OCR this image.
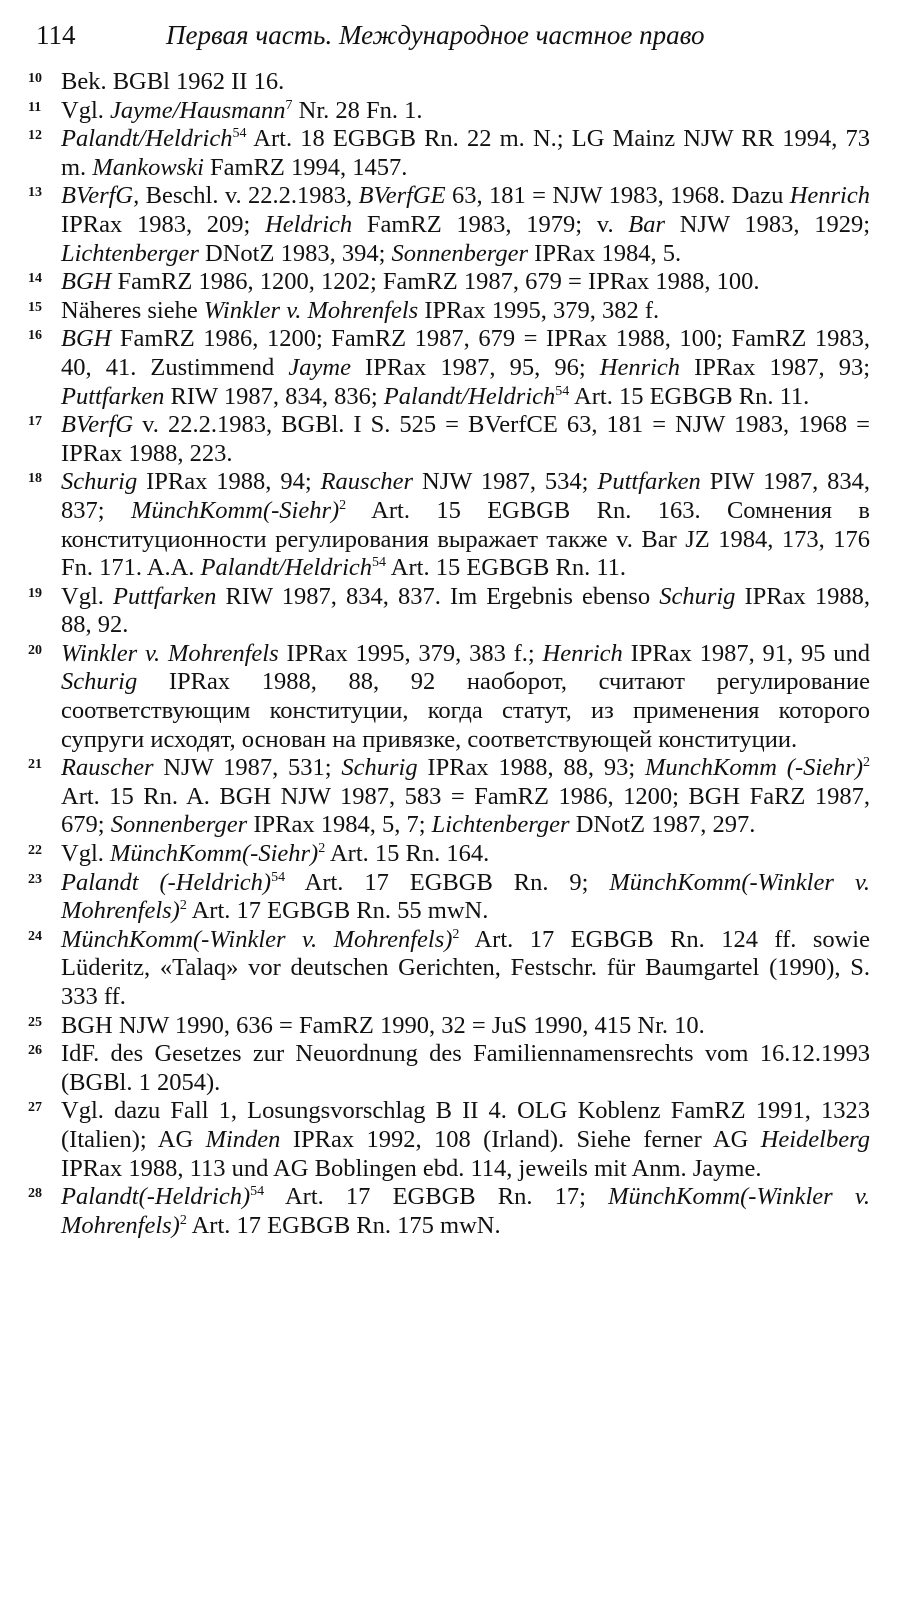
114	Первая часть. Международное частное право

10 Bek. BGBl 1962 II 16.

11 Vgl. Jayme/Hausmann$^7$ Nr. 28 Fn. 1.

12 Palandt/Heldrich$^{54}$ Art. 18 EGBGB Rn. 22 m. N.; LG Mainz NJW RR 1994, 73 m. Mankowski FamRZ 1994, 1457.

13 BVerfG, Beschl. v. 22.2.1983, BVerfGE 63, 181 = NJW 1983, 1968. Dazu Henrich IPRax 1983, 209; Heldrich FamRZ 1983, 1979; v. Bar NJW 1983, 1929; Lichtenberger DNotZ 1983, 394; Sonnenberger IPRax 1984, 5.

14 BGH FamRZ 1986, 1200, 1202; FamRZ 1987, 679 = IPRax 1988, 100.

15 Näheres siehe Winkler v. Mohrenfels IPRax 1995, 379, 382 f.

16 BGH FamRZ 1986, 1200; FamRZ 1987, 679 = IPRax 1988, 100; FamRZ 1983, 40, 41. Zustimmend Jayme IPRax 1987, 95, 96; Henrich IPRax 1987, 93; Puttfarken RIW 1987, 834, 836; Palandt/Heldrich$^{54}$ Art. 15 EGBGB Rn. 11.

17 BVerfG v. 22.2.1983, BGBl. I S. 525 = BVerfCE 63, 181 = NJW 1983, 1968 = IPRax 1988, 223.

18 Schurig IPRax 1988, 94; Rauscher NJW 1987, 534; Puttfarken PIW 1987, 834, 837; MünchKomm(-Siehr)$^2$ Art. 15 EGBGB Rn. 163. Сомнения в конституционности регулирования выражает также v. Bar JZ 1984, 173, 176 Fn. 171. A.A. Palandt/Heldrich$^{54}$ Art. 15 EGBGB Rn. 11.

19 Vgl. Puttfarken RIW 1987, 834, 837. Im Ergebnis ebenso Schurig IPRax 1988, 88, 92.

20 Winkler v. Mohrenfels IPRax 1995, 379, 383 f.; Henrich IPRax 1987, 91, 95 und Schurig IPRax 1988, 88, 92 наоборот, считают регулирование соответствующим конституции, когда статут, из применения которого супруги исходят, основан на привязке, соответствующей конституции.

21 Rauscher NJW 1987, 531; Schurig IPRax 1988, 88, 93; MunchKomm (-Siehr)$^2$ Art. 15 Rn. A. BGH NJW 1987, 583 = FamRZ 1986, 1200; BGH FaRZ 1987, 679; Sonnenberger IPRax 1984, 5, 7; Lichtenberger DNotZ 1987, 297.

22 Vgl. MünchKomm(-Siehr)$^2$ Art. 15 Rn. 164.

23 Palandt (-Heldrich)$^{54}$ Art. 17 EGBGB Rn. 9; MünchKomm(-Winkler v. Mohrenfels)$^2$ Art. 17 EGBGB Rn. 55 mwN.

24 MünchKomm(-Winkler v. Mohrenfels)$^2$ Art. 17 EGBGB Rn. 124 ff. sowie Lüderitz, «Talaq» vor deutschen Gerichten, Festschr. für Baumgartel (1990), S. 333 ff.

25 BGH NJW 1990, 636 = FamRZ 1990, 32 = JuS 1990, 415 Nr. 10.

26 IdF. des Gesetzes zur Neuordnung des Familiennamensrechts vom 16.12.1993 (BGBl. 1 2054).

27 Vgl. dazu Fall 1, Losungsvorschlag B II 4. OLG Koblenz FamRZ 1991, 1323 (Italien); AG Minden IPRax 1992, 108 (Irland). Siehe ferner AG Heidelberg IPRax 1988, 113 und AG Boblingen ebd. 114, jeweils mit Anm. Jayme.

28 Palandt(-Heldrich)$^{54}$ Art. 17 EGBGB Rn. 17; MünchKomm(-Winkler v. Mohrenfels)$^2$ Art. 17 EGBGB Rn. 175 mwN.
